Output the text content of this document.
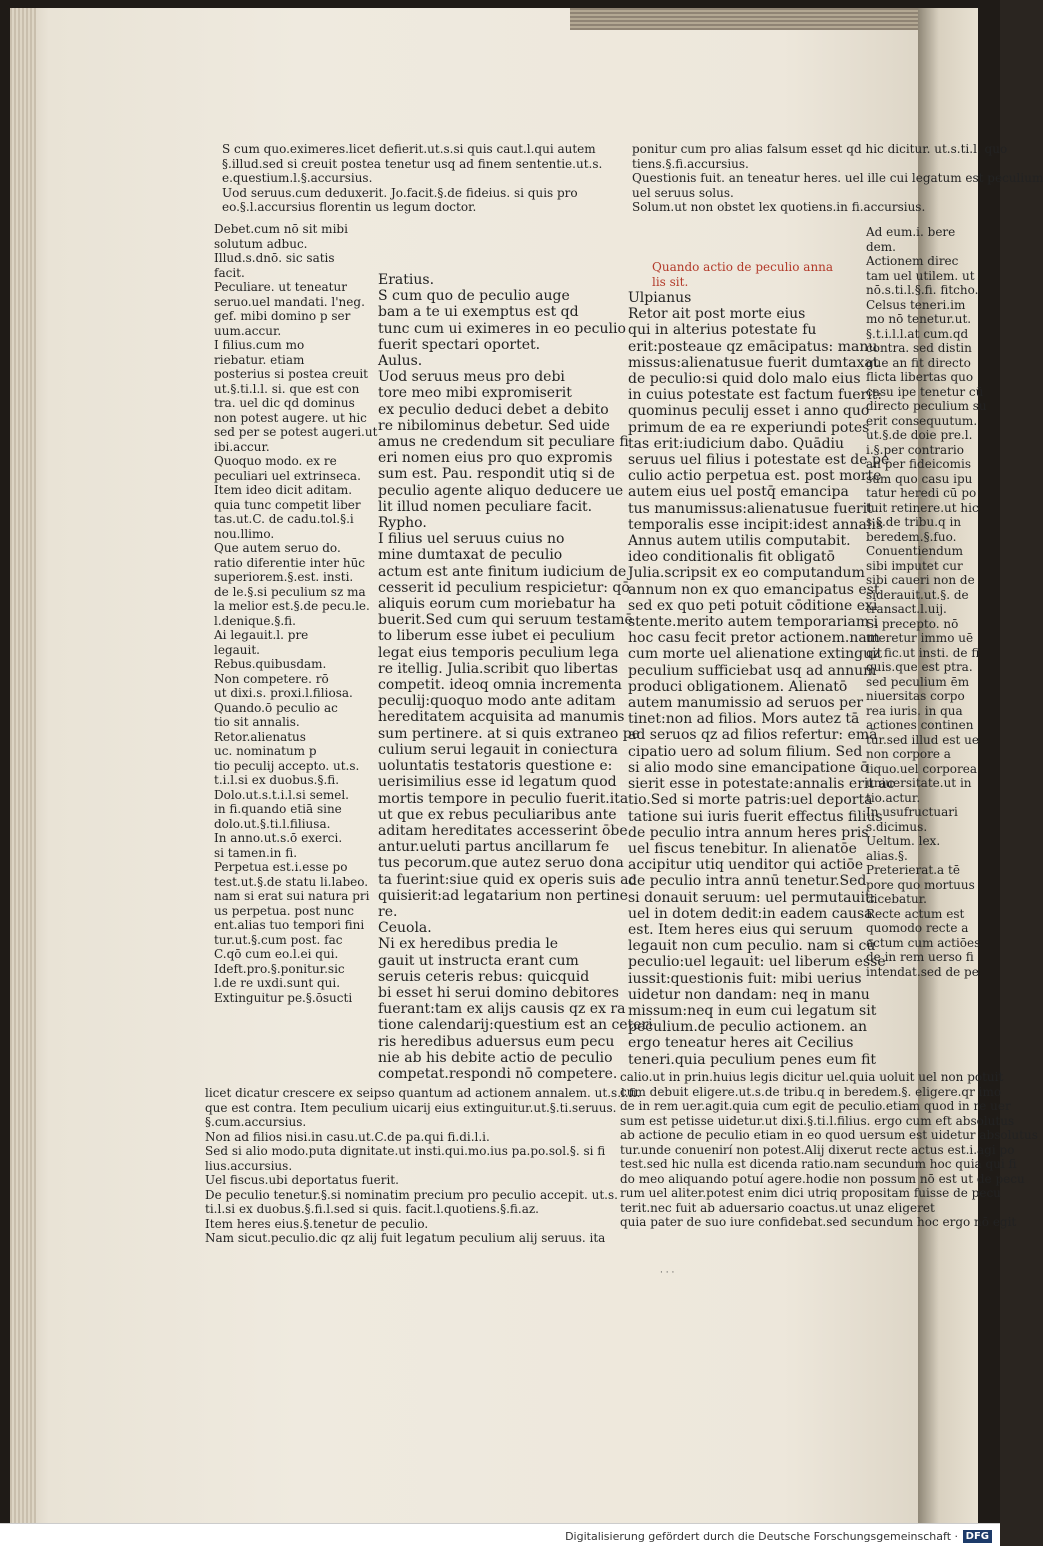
S cum quo.eximeres.licet defierit.ut.s.si quis caut.l.qui autem

§.illud.sed si creuit postea tenetur usq ad finem sententie.ut.s.

e.questium.l.§.accursius.

Uod seruus.cum deduxerit. Jo.facit.§.de fideius. si quis pro

eo.§.l.accursius florentin us legum doctor.

ponitur cum pro alias falsum esset qd hic dicitur. ut.s.ti.l. quo

tiens.§.fi.accursius.

Questionis fuit. an teneatur heres. uel ille cui legatum est peculium

uel seruus solus.

Solum.ut non obstet lex quotiens.in fi.accursius.

Debet.cum nō sit mibi

solutum adbuc.

Illud.s.dnō. sic satis

facit.

Peculiare. ut teneatur

seruo.uel mandati. l'neg.

gef. mibi domino p ser

uum.accur.

I filius.cum mo

riebatur. etiam

posterius si postea creuit

ut.§.ti.l.l. si. que est con

tra. uel dic qd dominus

non potest augere. ut hic

sed per se potest augeri.ut

ibi.accur.

Quoquo modo. ex re

peculiari uel extrinseca.

Item ideo dicit aditam.

quia tunc competit liber

tas.ut.C. de cadu.tol.§.i

nou.llimo.

Que autem seruo do.

ratio diferentie inter hūc

superiorem.§.est. insti.

de le.§.si peculium sz ma

la melior est.§.de pecu.le.

l.denique.§.fi.

Ai legauit.l. pre

legauit.

Rebus.quibusdam.

Non competere. rō

ut dixi.s. proxi.l.filiosa.

Quando.ō peculio ac

tio sit annalis.

Retor.alienatus

uc. nominatum p

tio peculij accepto. ut.s.

t.i.l.si ex duobus.§.fi.

Dolo.ut.s.t.i.l.si semel.

in fi.quando etiā sine

dolo.ut.§.ti.l.filiusa.

In anno.ut.s.ō exerci.

si tamen.in fi.

Perpetua est.i.esse po

test.ut.§.de statu li.labeo.

nam si erat sui natura pri

us perpetua. post nunc

ent.alias tuo tempori fini

tur.ut.§.cum post. fac

C.qō cum eo.l.ei qui.

Ideft.pro.§.ponitur.sic

l.de re uxdi.sunt qui.

Extinguitur pe.§.ōsucti

Eratius.

S cum quo de peculio auge

bam a te ui exemptus est qd

tunc cum ui eximeres in eo peculio

fuerit spectari oportet.

Aulus.

Uod seruus meus pro debi

tore meo mibi expromiserit

ex peculio deduci debet a debito

re nibilominus debetur. Sed uide

amus ne credendum sit peculiare fi

eri nomen eius pro quo expromis

sum est. Pau. respondit utiq si de

peculio agente aliquo deducere ue

lit illud nomen peculiare facit.

Rypho.

I filius uel seruus cuius no

mine dumtaxat de peculio

actum est ante finitum iudicium de

cesserit id peculium respicietur: qō

aliquis eorum cum moriebatur ha

buerit.Sed cum qui seruum testamē

to liberum esse iubet ei peculium

legat eius temporis peculium lega

re itellig. Julia.scribit quo libertas

competit. ideoq omnia incrementa

peculij:quoquo modo ante aditam

hereditatem acquisita ad manumis

sum pertinere. at si quis extraneo pe

culium serui legauit in coniectura

uoluntatis testatoris questione e:

uerisimilius esse id legatum quod

mortis tempore in peculio fuerit.ita

ut que ex rebus peculiaribus ante

aditam hereditates accesserint ōbe

antur.ueluti partus ancillarum fe

tus pecorum.que autez seruo dona

ta fuerint:siue quid ex operis suis ac

quisierit:ad legatarium non pertine

re.

Ceuola.

Ni ex heredibus predia le

gauit ut instructa erant cum

seruis ceteris rebus: quicquid

bi esset hi serui domino debitores

fuerant:tam ex alijs causis qz ex ra

tione calendarij:questium est an ceteri

ris heredibus aduersus eum pecu

nie ab his debite actio de peculio

competat.respondi nō competere.

Quando actio de peculio anna

lis sit.

Ulpianus

Retor ait post morte eius

qui in alterius potestate fu

erit:posteaue qz emācipatus: manu

missus:alienatusue fuerit dumtaxat

de peculio:si quid dolo malo eius

in cuius potestate est factum fuerit:

quominus peculij esset i anno quo

primum de ea re experiundi potes

tas erit:iudicium dabo. Quādiu

seruus uel filius i potestate est de pe

culio actio perpetua est. post morte

autem eius uel postq̄ emancipa

tus manumissus:alienatusue fuerit

temporalis esse incipit:idest annalis

Annus autem utilis computabit.

ideo conditionalis fit obligatō

Julia.scripsit ex eo computandum

annum non ex quo emancipatus est

sed ex quo peti potuit cōditione exi

stente.merito autem temporariam i

hoc casu fecit pretor actionem.nam

cum morte uel alienatione extinguit

peculium sufficiebat usq ad annum

produci obligationem. Alienatō

autem manumissio ad seruos per

tinet:non ad filios. Mors autez tā

ad seruos qz ad filios refertur: emā

cipatio uero ad solum filium. Sed

si alio modo sine emancipatione ō

sierit esse in potestate:annalis erit ac

tio.Sed si morte patris:uel deporta

tatione sui iuris fuerit effectus filius

de peculio intra annum heres pris

uel fiscus tenebitur. In alienatōe

accipitur utiq uenditor qui actiōe

de peculio intra annū tenetur.Sed

si donauit seruum: uel permutauit:

uel in dotem dedit:in eadem causa

est. Item heres eius qui seruum

legauit non cum peculio. nam si cū

peculio:uel legauit: uel liberum esse

iussit:questionis fuit: mibi uerius

uidetur non dandam: neq in manu

missum:neq in eum cui legatum sit

peculium.de peculio actionem. an

ergo teneatur heres ait Cecilius

teneri.quia peculium penes eum fit

Ad eum.i. bere

dem.

Actionem direc

tam uel utilem. ut

nō.s.ti.l.§.fi. fitcho.

Celsus teneri.im

mo nō tenetur.ut.

§.t.i.l.l.at cum.qd

contra. sed distin

gue an fit directo

flicta libertas quo

casu ipe tenetur cū

directo peculium su

erit consequutum.

ut.§.de doie pre.l.

i.§.per contrario

an per fideicomis

sum quo casu ipu

tatur heredi cū po

tuit retinere.ut hic

s.§.de tribu.q in

beredem.§.fuo.

Conuentiendum

sibi imputet cur

sibi caueri non de

siderauit.ut.§. de

transact.l.uij.

Si precepto. nō

uteretur immo uē

qz fic.ut insti. de fi

quis.que est ptra.

sed peculium ēm

niuersitas corpo

rea iuris. in qua

actiones continen

tur.sed illud est ue

non corpore a

liquo.uel corporea

uniuersitate.ut in

tio.actur.

In usufructuari

s.dicimus.

Ueltum. lex.

alias.§.

Preterierat.a tē

pore quo mortuus

dicebatur.

Recte actum est

quomodo recte a

actum cum actiōes

de in rem uerso fi

intendat.sed de pe

licet dicatur crescere ex seipso quantum ad actionem annalem. ut.s.l.fi.

que est contra. Item peculium uicarij eius extinguitur.ut.§.ti.seruus.

§.cum.accursius.

Non ad filios nisi.in casu.ut.C.de pa.qui fi.di.l.i.

Sed si alio modo.puta dignitate.ut insti.qui.mo.ius pa.po.sol.§. si fi

lius.accursius.

Uel fiscus.ubi deportatus fuerit.

De peculio tenetur.§.si nominatim precium pro peculio accepit. ut.s.

ti.l.si ex duobus.§.fi.l.sed si quis. facit.l.quotiens.§.fi.az.

Item heres eius.§.tenetur de peculio.

Nam sicut.peculio.dic qz alij fuit legatum peculium alij seruus. ita

calio.ut in prin.huius legis dicitur uel.quia uoluit uel non potuit

cum debuit eligere.ut.s.de tribu.q in beredem.§. eligere.qr imo

de in rem uer.agit.quia cum egit de peculio.etiam quod in re uer

sum est petisse uidetur.ut dixi.§.ti.l.filius. ergo cum eft absolutus

ab actione de peculio etiam in eo quod uersum est uidetur absolutus

tur.unde conuenirí non potest.Alij dixerut recte actus est.i.agi po

test.sed hic nulla est dicenda ratio.nam secundum hoc quia qui fi

do meo aliquando potuí agere.hodie non possum nō est ut de pecu

rum uel aliter.potest enim dici utriq propositam fuisse de pecu

terit.nec fuit ab aduersario coactus.ut unaz eligeret

quia pater de suo iure confidebat.sed secundum hoc ergo nō egit

· · ·
Digitalisierung gefördert durch die Deutsche Forschungsgemeinschaft · DFG
